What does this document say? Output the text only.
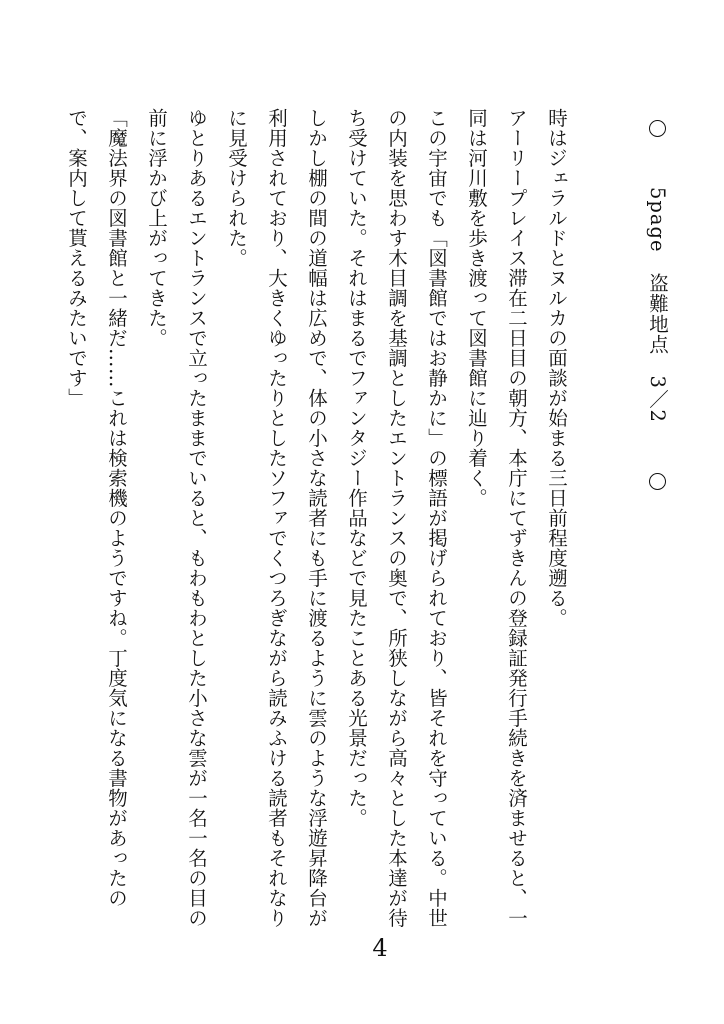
5page　盗難地点　3／2

時はジェラルドとヌルカの面談が始まる三日前程度遡る。

アーリープレイス滞在二日目の朝方、本庁にてずきんの登録証発行手続きを済ませると、一同は河川敷を歩き渡って図書館に辿り着く。

この宇宙でも「図書館ではお静かに」の標語が掲げられており、皆それを守っている。中世の内装を思わす木目調を基調としたエントランスの奥で、所狭しながら高々とした本達が待ち受けていた。それはまるでファンタジー作品などで見たことある光景だった。

しかし棚の間の道幅は広めで、体の小さな読者にも手に渡るように雲のような浮遊昇降台が利用されており、大きくゆったりとしたソファでくつろぎながら読みふける読者もそれなりに見受けられた。

ゆとりあるエントランスで立ったままでいると、もわもわとした小さな雲が一名一名の目の前に浮かび上がってきた。

「魔法界の図書館と一緒だ……これは検索機のようですね。丁度気になる書物があったので、案内して貰えるみたいです」

4
